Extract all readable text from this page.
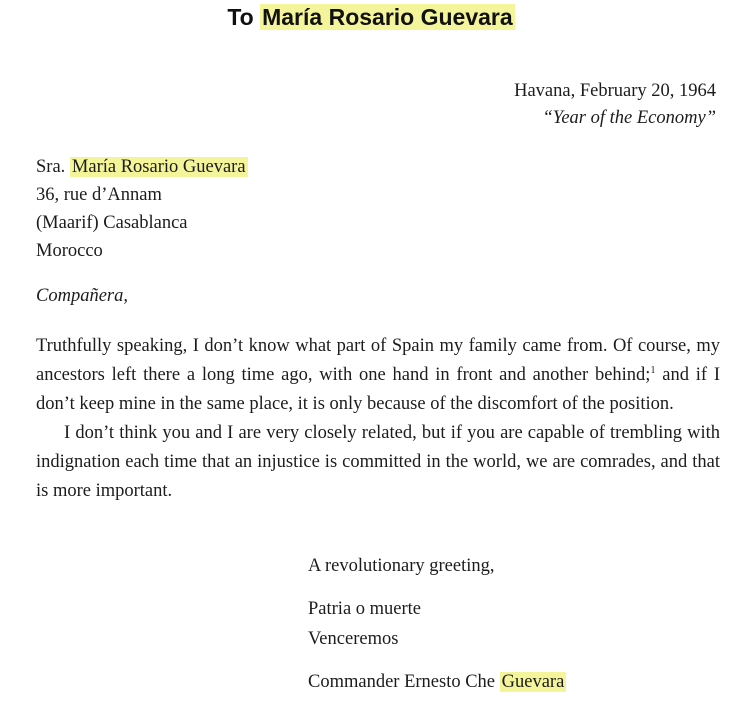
To María Rosario Guevara
Havana, February 20, 1964
“Year of the Economy”
Sra. María Rosario Guevara
36, rue d’Annam
(Maarif) Casablanca
Morocco
Compañera,

Truthfully speaking, I don’t know what part of Spain my family came from. Of course, my ancestors left there a long time ago, with one hand in front and another behind;$^1$ and if I don’t keep mine in the same place, it is only because of the discomfort of the position.

I don’t think you and I are very closely related, but if you are capable of trembling with indignation each time that an injustice is committed in the world, we are comrades, and that is more important.

A revolutionary greeting,
Patria o muerte
Venceremos
Commander Ernesto Che Guevara
